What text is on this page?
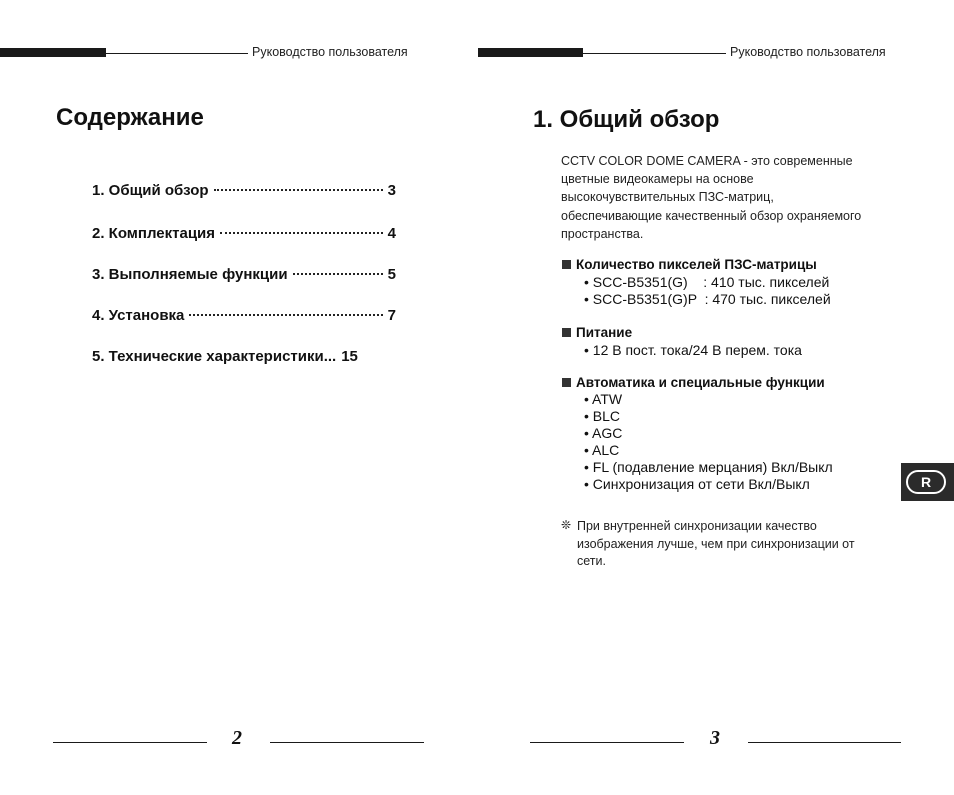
Руководство пользователя	Руководство пользователя
Содержание
1. Общий обзор	3
2. Комплектация	4
3. Выполняемые функции	5
4. Установка	7
5. Технические характеристики... 15
1. Общий обзор
CCTV COLOR DOME CAMERA - это современные
цветные видеокамеры на основе
высокочувствительных ПЗС-матриц,
обеспечивающие качественный обзор охраняемого
пространства.
Количество пикселей ПЗС-матрицы
• SCC-B5351(G)    : 410 тыс. пикселей
• SCC-B5351(G)P  : 470 тыс. пикселей
Питание
• 12 В пост. тока/24 В перем. тока
Автоматика и специальные функции
• ATW
• BLC
• AGC
• ALC
• FL (подавление мерцания) Вкл/Выкл
• Синхронизация от сети Вкл/Выкл
❊ При внутренней синхронизации качество
изображения лучше, чем при синхронизации от
сети.
R
2	3
